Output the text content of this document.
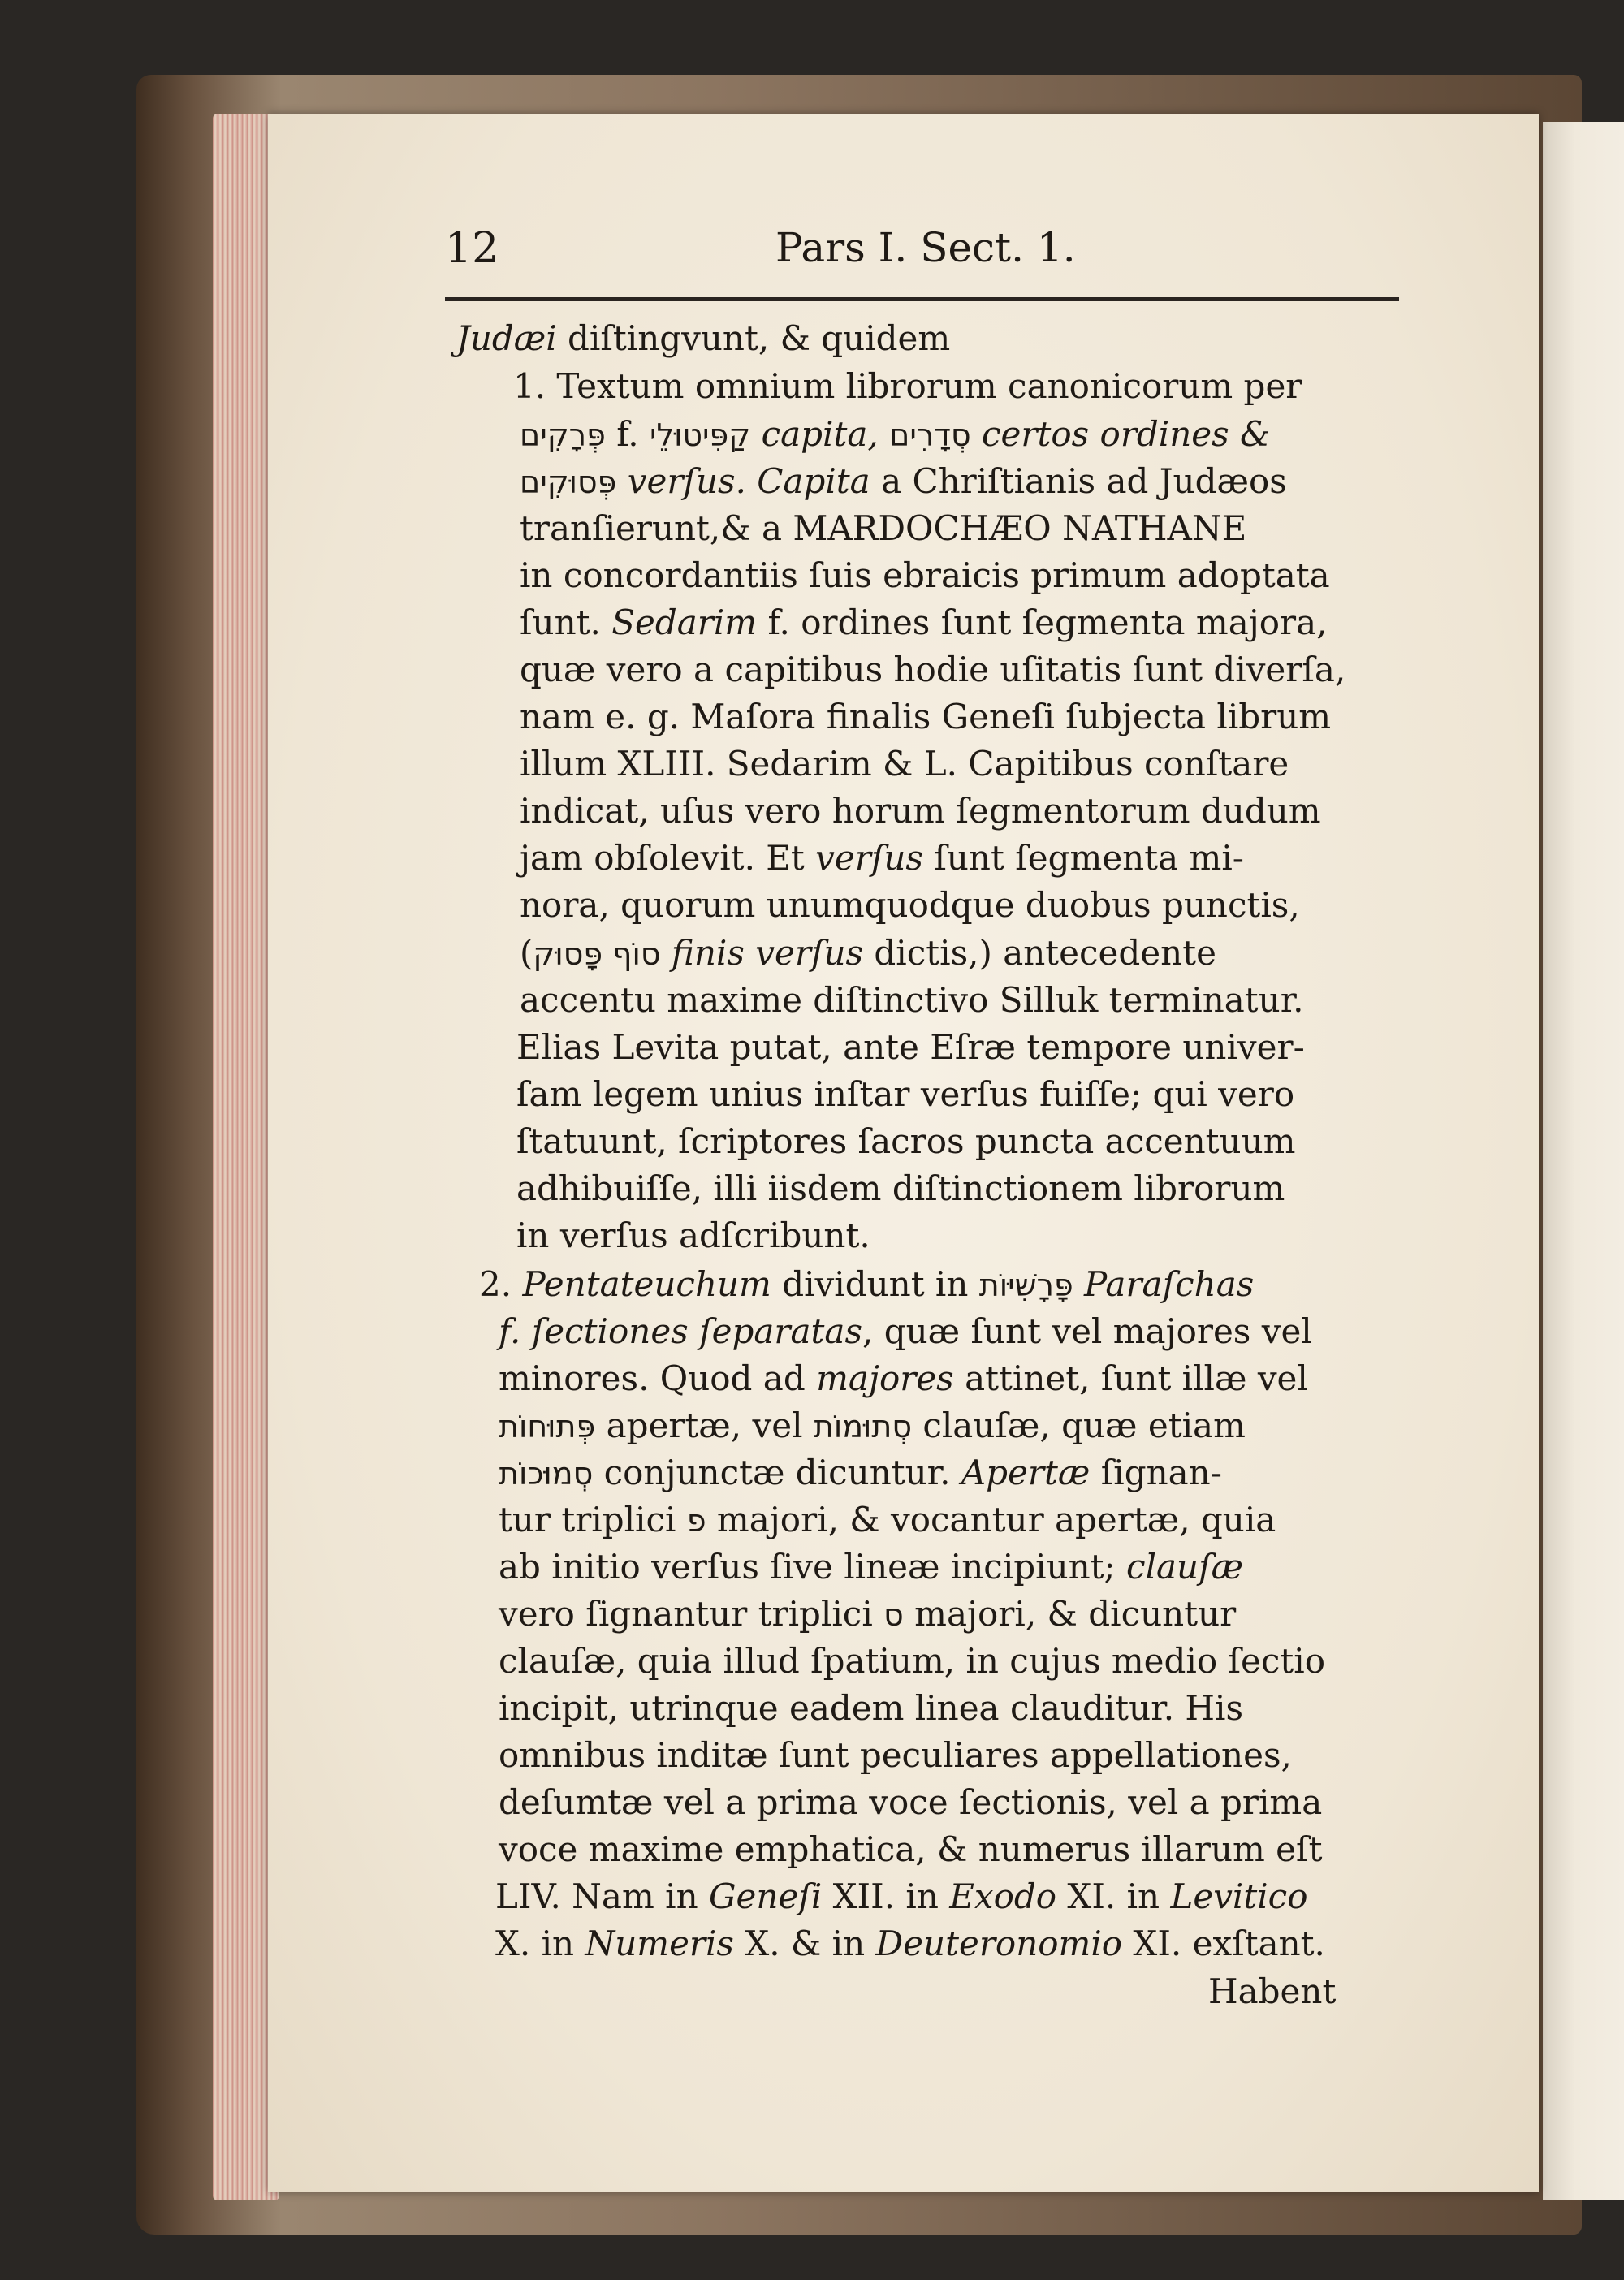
12	Pars I. Sect. 1.

Judæi diſtingvunt, & quidem

1. Textum omnium librorum canonicorum per

פְּרָקִים f. קַפִּיטוּלֵי capita, סְדָרִים certos ordines &

פְּסוּקִים verſus. Capita a Chriſtianis ad Judæos

tranſierunt,& a MARDOCHÆO NATHANE

in concordantiis ſuis ebraicis primum adoptata

ſunt. Sedarim f. ordines ſunt ſegmenta majora,

quæ vero a capitibus hodie uſitatis ſunt diverſa,

nam e. g. Maſora finalis Geneſi ſubjecta librum

illum XLIII. Sedarim & L. Capitibus conſtare

indicat, uſus vero horum ſegmentorum dudum

jam obſolevit. Et verſus ſunt ſegmenta mi-

nora, quorum unumquodque duobus punctis,

(סוֹף פָּסוּק finis verſus dictis,) antecedente

accentu maxime diſtinctivo Silluk terminatur.

Elias Levita putat, ante Eſræ tempore univer-

ſam legem unius inſtar verſus fuiſſe; qui vero

ſtatuunt, ſcriptores ſacros puncta accentuum

adhibuiſſe, illi iisdem diſtinctionem librorum

in verſus adſcribunt.

2. Pentateuchum dividunt in פָּרָשִׁיּוֹת Paraſchas

f. ſectiones ſeparatas, quæ ſunt vel majores vel

minores. Quod ad majores attinet, ſunt illæ vel

פְּתוּחוֹת apertæ, vel סְתוּמוֹת clauſæ, quæ etiam

סְמוּכוֹת conjunctæ dicuntur. Apertæ ſignan-

tur triplici פ majori, & vocantur apertæ, quia

ab initio verſus ſive lineæ incipiunt; clauſæ

vero ſignantur triplici ס majori, & dicuntur

clauſæ, quia illud ſpatium, in cujus medio ſectio

incipit, utrinque eadem linea clauditur. His

omnibus inditæ ſunt peculiares appellationes,

deſumtæ vel a prima voce ſectionis, vel a prima

voce maxime emphatica, & numerus illarum eſt

LIV. Nam in Geneſi XII. in Exodo XI. in Levitico

X. in Numeris X. & in Deuteronomio XI. exſtant.

Habent
